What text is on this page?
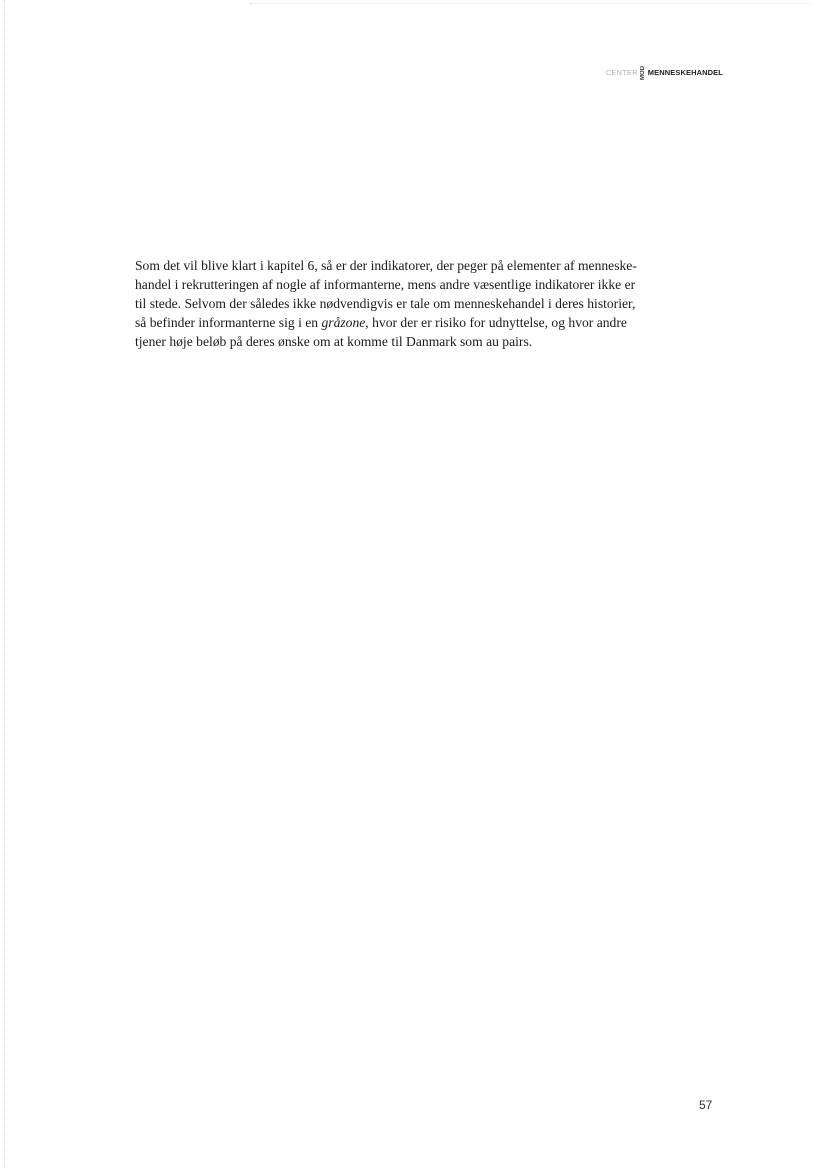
CENTER MOD MENNESKEHANDEL

Som det vil blive klart i kapitel 6, så er der indikatorer, der peger på elementer af menneske-
handel i rekrutteringen af nogle af informanterne, mens andre væsentlige indikatorer ikke er
til stede. Selvom der således ikke nødvendigvis er tale om menneskehandel i deres historier,
så befinder informanterne sig i en gråzone, hvor der er risiko for udnyttelse, og hvor andre
tjener høje beløb på deres ønske om at komme til Danmark som au pairs.

57
